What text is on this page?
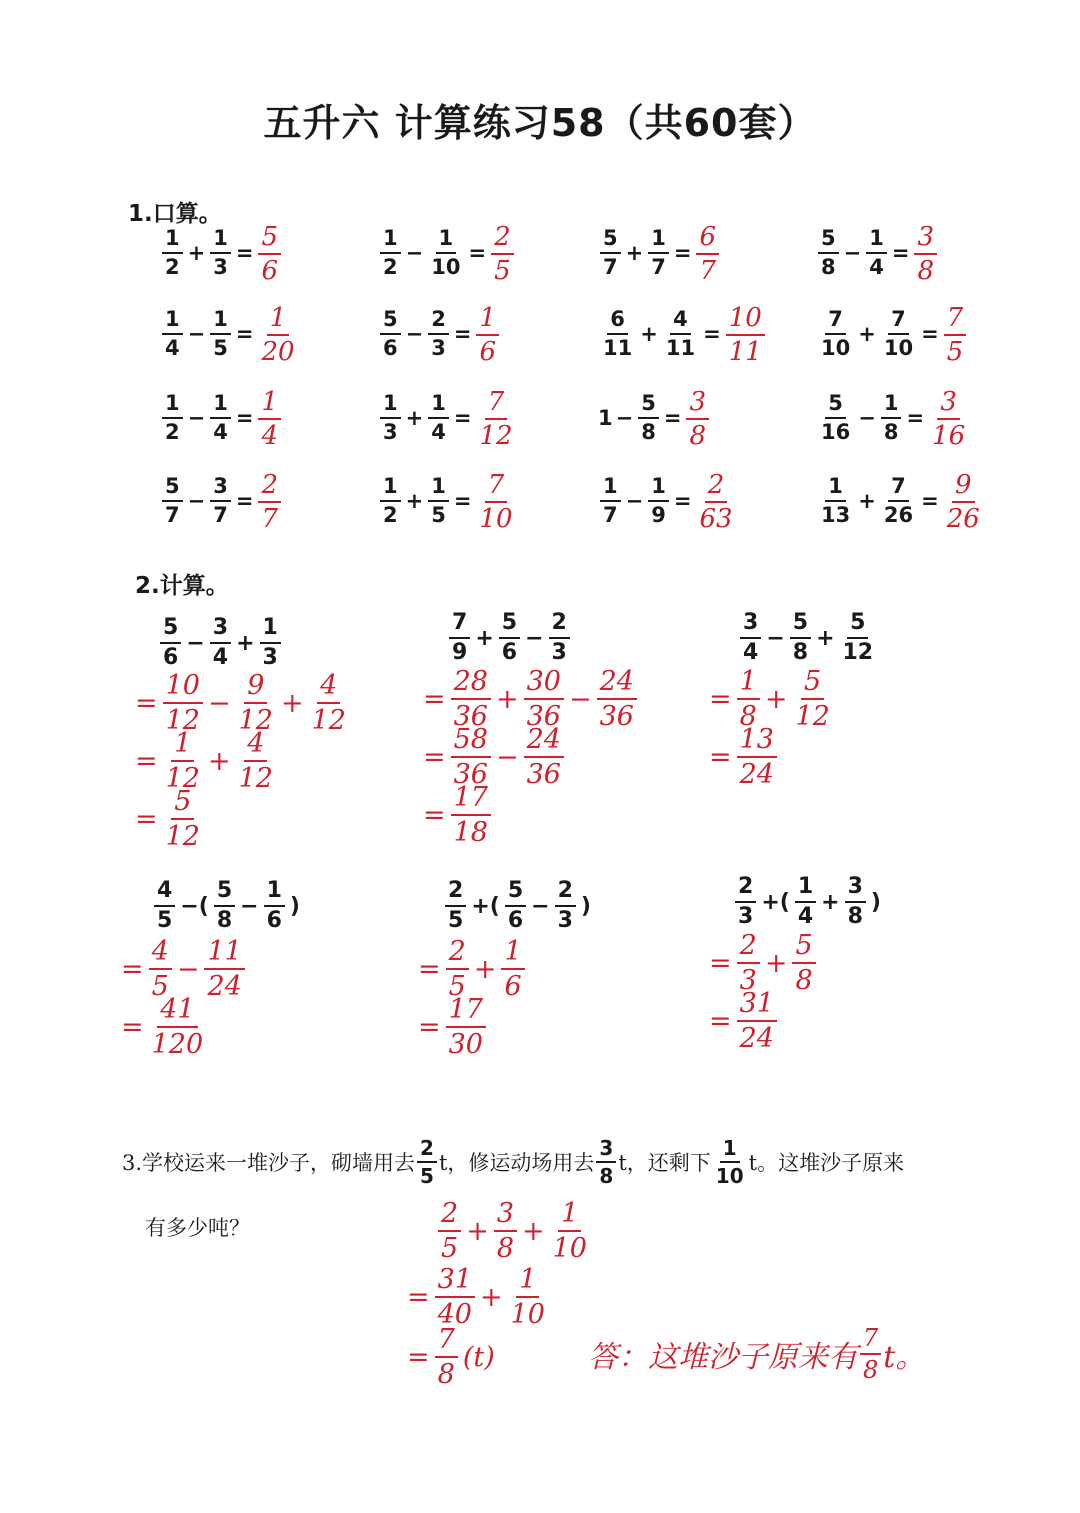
五升六 计算练习58（共60套）
1.口算。
$\frac{1}{2} + \frac{1}{3} = \frac{5}{6}$	$\frac{1}{2} - \frac{1}{10} = \frac{2}{5}$	$\frac{5}{7} + \frac{1}{7} = \frac{6}{7}$	$\frac{5}{8} - \frac{1}{4} = \frac{3}{8}$
$\frac{1}{4} - \frac{1}{5} = \frac{1}{20}$	$\frac{5}{6} - \frac{2}{3} = \frac{1}{6}$	$\frac{6}{11} + \frac{4}{11} = \frac{10}{11}$	$\frac{7}{10} + \frac{7}{10} = \frac{7}{5}$
$\frac{1}{2} - \frac{1}{4} = \frac{1}{4}$	$\frac{1}{3} + \frac{1}{4} = \frac{7}{12}$	$1 - \frac{5}{8} = \frac{3}{8}$	$\frac{5}{16} - \frac{1}{8} = \frac{3}{16}$
$\frac{5}{7} - \frac{3}{7} = \frac{2}{7}$	$\frac{1}{2} + \frac{1}{5} = \frac{7}{10}$	$\frac{1}{7} - \frac{1}{9} = \frac{2}{63}$	$\frac{1}{13} + \frac{7}{26} = \frac{9}{26}$
2.计算。
$\frac{5}{6} - \frac{3}{4} + \frac{1}{3}$
= $\frac{10}{12} - \frac{9}{12} + \frac{4}{12}$
= $\frac{1}{12} + \frac{4}{12}$
= $\frac{5}{12}$
$\frac{7}{9} + \frac{5}{6} - \frac{2}{3}$
= $\frac{28}{36} + \frac{30}{36} - \frac{24}{36}$
= $\frac{58}{36} - \frac{24}{36}$
= $\frac{17}{18}$
$\frac{3}{4} - \frac{5}{8} + \frac{5}{12}$
= $\frac{1}{8} + \frac{5}{12}$
= $\frac{13}{24}$
$\frac{4}{5}$ −( $\frac{5}{8} - \frac{1}{6}$ )
= $\frac{4}{5} - \frac{11}{24}$
= $\frac{41}{120}$
$\frac{2}{5}$ +( $\frac{5}{6} - \frac{2}{3}$ )
= $\frac{2}{5} + \frac{1}{6}$
= $\frac{17}{30}$
$\frac{2}{3}$ +( $\frac{1}{4} + \frac{3}{8}$ )
= $\frac{2}{3} + \frac{5}{8}$
= $\frac{31}{24}$
3.学校运来一堆沙子，砌墙用去 $\frac{2}{5}$ t，修运动场用去 $\frac{3}{8}$ t，还剩下 $\frac{1}{10}$ t。这堆沙子原来
有多少吨？	$\frac{2}{5} + \frac{3}{8} + \frac{1}{10}$
= $\frac{31}{40} + \frac{1}{10}$
= $\frac{7}{8} (t)$	答：这堆沙子原来有 $\frac{7}{8}$ t。
